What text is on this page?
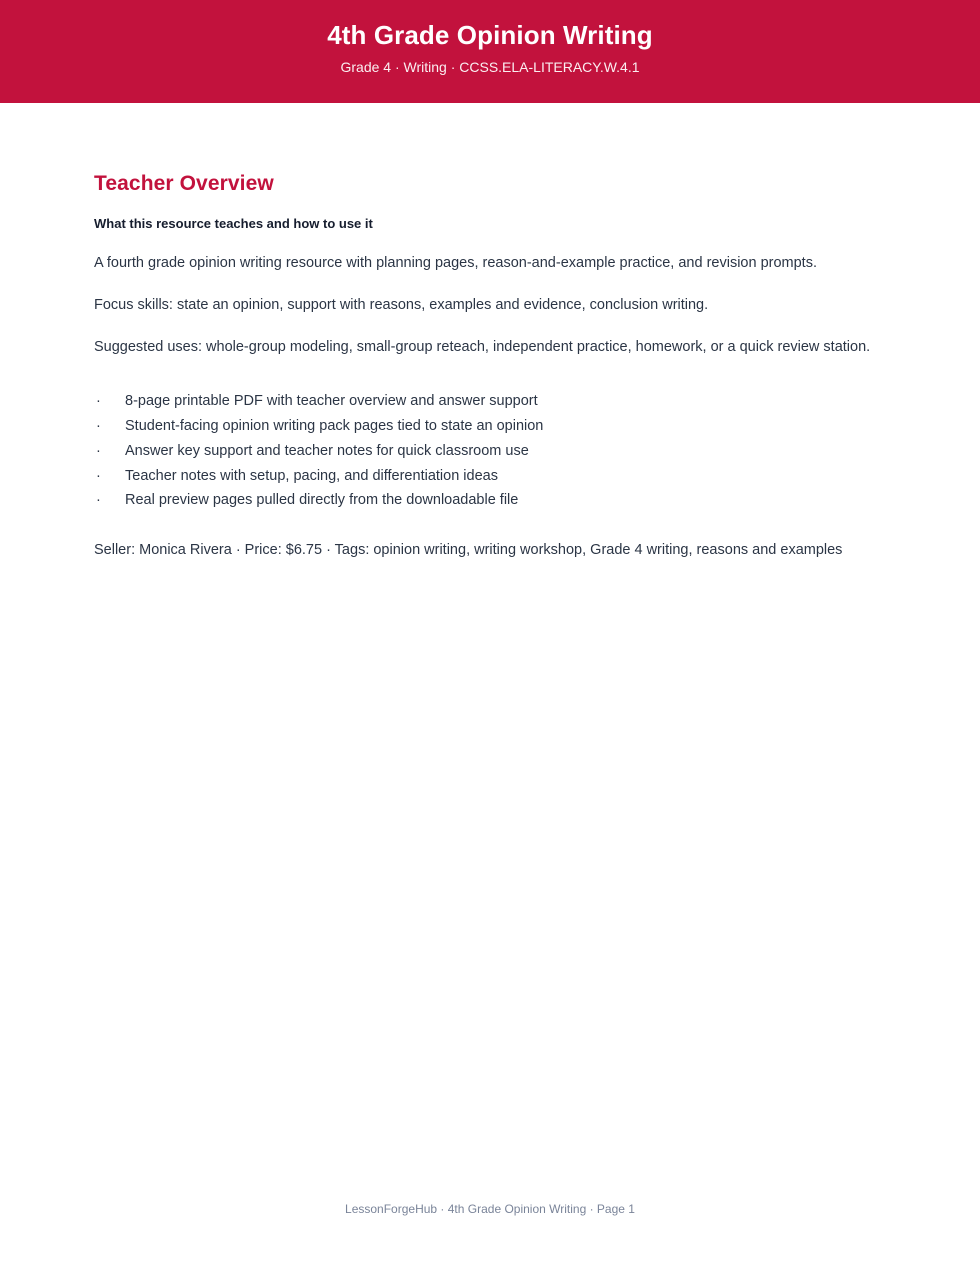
4th Grade Opinion Writing

Grade 4 · Writing · CCSS.ELA-LITERACY.W.4.1

Teacher Overview

What this resource teaches and how to use it

A fourth grade opinion writing resource with planning pages, reason-and-example practice, and revision prompts.

Focus skills: state an opinion, support with reasons, examples and evidence, conclusion writing.

Suggested uses: whole-group modeling, small-group reteach, independent practice, homework, or a quick review station.

· 8-page printable PDF with teacher overview and answer support
· Student-facing opinion writing pack pages tied to state an opinion
· Answer key support and teacher notes for quick classroom use
· Teacher notes with setup, pacing, and differentiation ideas
· Real preview pages pulled directly from the downloadable file

Seller: Monica Rivera · Price: $6.75 · Tags: opinion writing, writing workshop, Grade 4 writing, reasons and examples

LessonForgeHub · 4th Grade Opinion Writing · Page 1
